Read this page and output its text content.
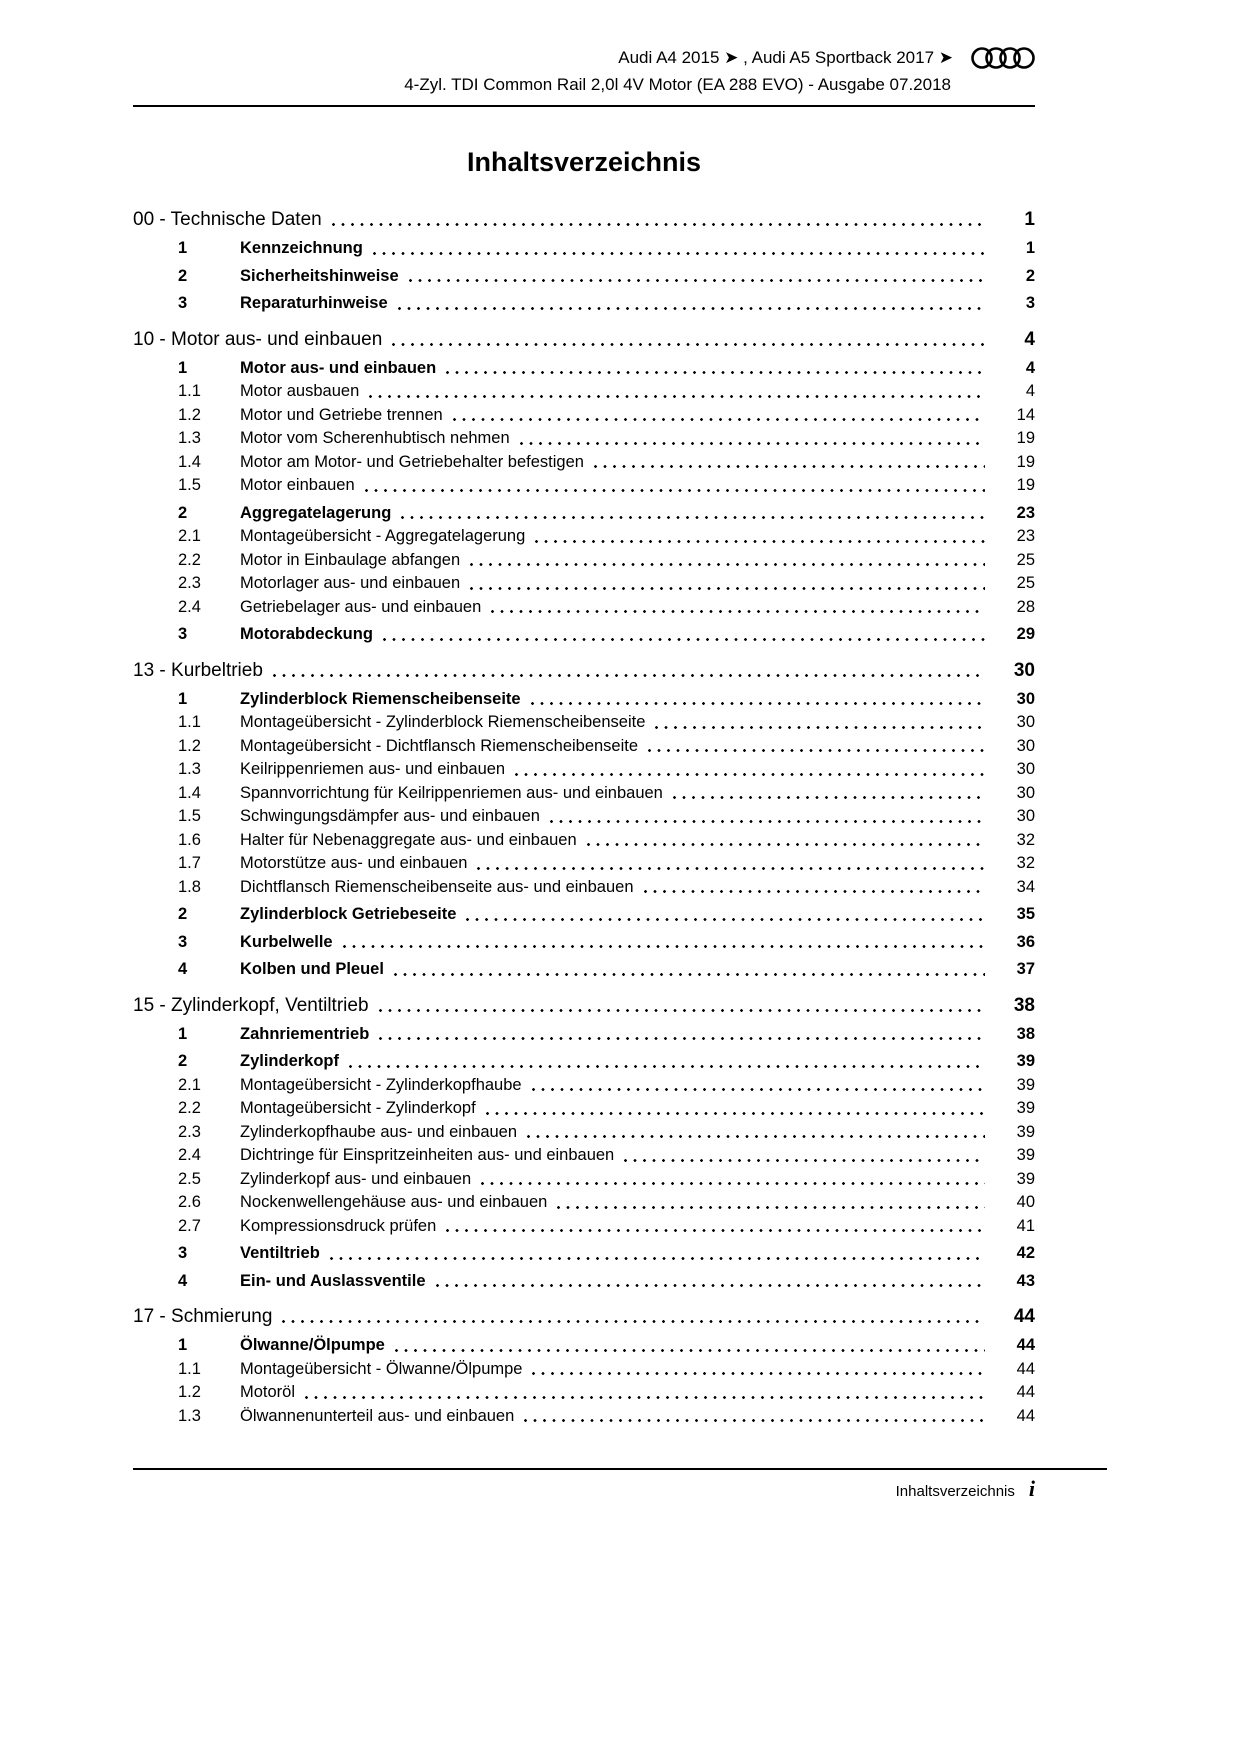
Audi A4 2015 ➤ , Audi A5 Sportback 2017 ➤
4-Zyl. TDI Common Rail 2,0l 4V Motor (EA 288 EVO) - Ausgabe 07.2018
Inhaltsverzeichnis
00 - Technische Daten	1
1	Kennzeichnung	1
2	Sicherheitshinweise	2
3	Reparaturhinweise	3
10 - Motor aus- und einbauen	4
1	Motor aus- und einbauen	4
1.1	Motor ausbauen	4
1.2	Motor und Getriebe trennen	14
1.3	Motor vom Scherenhubtisch nehmen	19
1.4	Motor am Motor- und Getriebehalter befestigen	19
1.5	Motor einbauen	19
2	Aggregatelagerung	23
2.1	Montageübersicht - Aggregatelagerung	23
2.2	Motor in Einbaulage abfangen	25
2.3	Motorlager aus- und einbauen	25
2.4	Getriebelager aus- und einbauen	28
3	Motorabdeckung	29
13 - Kurbeltrieb	30
1	Zylinderblock Riemenscheibenseite	30
1.1	Montageübersicht - Zylinderblock Riemenscheibenseite	30
1.2	Montageübersicht - Dichtflansch Riemenscheibenseite	30
1.3	Keilrippenriemen aus- und einbauen	30
1.4	Spannvorrichtung für Keilrippenriemen aus- und einbauen	30
1.5	Schwingungsdämpfer aus- und einbauen	30
1.6	Halter für Nebenaggregate aus- und einbauen	32
1.7	Motorstütze aus- und einbauen	32
1.8	Dichtflansch Riemenscheibenseite aus- und einbauen	34
2	Zylinderblock Getriebeseite	35
3	Kurbelwelle	36
4	Kolben und Pleuel	37
15 - Zylinderkopf, Ventiltrieb	38
1	Zahnriementrieb	38
2	Zylinderkopf	39
2.1	Montageübersicht - Zylinderkopfhaube	39
2.2	Montageübersicht - Zylinderkopf	39
2.3	Zylinderkopfhaube aus- und einbauen	39
2.4	Dichtringe für Einspritzeinheiten aus- und einbauen	39
2.5	Zylinderkopf aus- und einbauen	39
2.6	Nockenwellengehäuse aus- und einbauen	40
2.7	Kompressionsdruck prüfen	41
3	Ventiltrieb	42
4	Ein- und Auslassventile	43
17 - Schmierung	44
1	Ölwanne/Ölpumpe	44
1.1	Montageübersicht - Ölwanne/Ölpumpe	44
1.2	Motoröl	44
1.3	Ölwannenunterteil aus- und einbauen	44
Inhaltsverzeichnis i
